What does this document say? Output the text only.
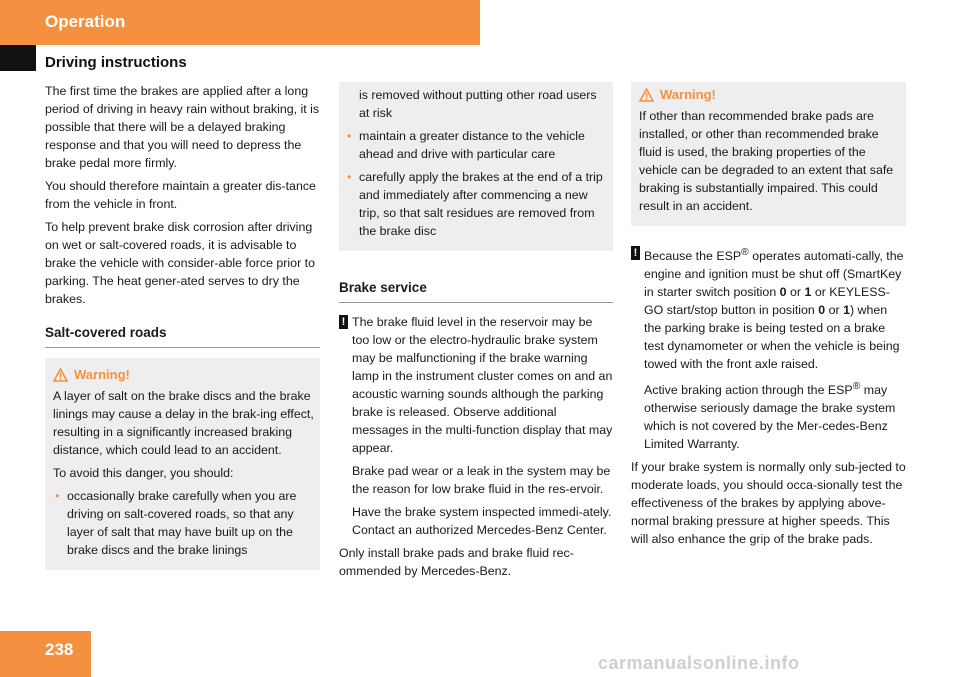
Operation
Driving instructions

The first time the brakes are applied after a long period of driving in heavy rain without braking, it is possible that there will be a delayed braking response and that you will need to depress the brake pedal more firmly.

You should therefore maintain a greater dis-tance from the vehicle in front.

To help prevent brake disk corrosion after driving on wet or salt-covered roads, it is advisable to brake the vehicle with consider-able force prior to parking. The heat gener-ated serves to dry the brakes.

Salt-covered roads
Warning!

A layer of salt on the brake discs and the brake linings may cause a delay in the brak-ing effect, resulting in a significantly increased braking distance, which could lead to an accident.

To avoid this danger, you should:

• occasionally brake carefully when you are driving on salt-covered roads, so that any layer of salt that may have built up on the brake discs and the brake linings

is removed without putting other road users at risk

• maintain a greater distance to the vehicle ahead and drive with particular care
• carefully apply the brakes at the end of a trip and immediately after commencing a new trip, so that salt residues are removed from the brake disc
Brake service
! The brake fluid level in the reservoir may be too low or the electro-hydraulic brake system may be malfunctioning if the brake warning lamp in the instrument cluster comes on and an acoustic warning sounds although the parking brake is released. Observe additional messages in the multi-function display that may appear.

Brake pad wear or a leak in the system may be the reason for low brake fluid in the res-ervoir.

Have the brake system inspected immedi-ately. Contact an authorized Mercedes-Benz Center.

Only install brake pads and brake fluid rec-ommended by Mercedes-Benz.

Warning!

If other than recommended brake pads are installed, or other than recommended brake fluid is used, the braking properties of the vehicle can be degraded to an extent that safe braking is substantially impaired. This could result in an accident.

! Because the ESP® operates automati-cally, the engine and ignition must be shut off (SmartKey in starter switch position 0 or 1 or KEYLESS-GO start/stop button in position 0 or 1) when the parking brake is being tested on a brake test dynamometer or when the vehicle is being towed with the front axle raised.

Active braking action through the ESP® may otherwise seriously damage the brake system which is not covered by the Mer-cedes-Benz Limited Warranty.

If your brake system is normally only sub-jected to moderate loads, you should occa-sionally test the effectiveness of the brakes by applying above-normal braking pressure at higher speeds. This will also enhance the grip of the brake pads.

238
carmanualsonline.info
